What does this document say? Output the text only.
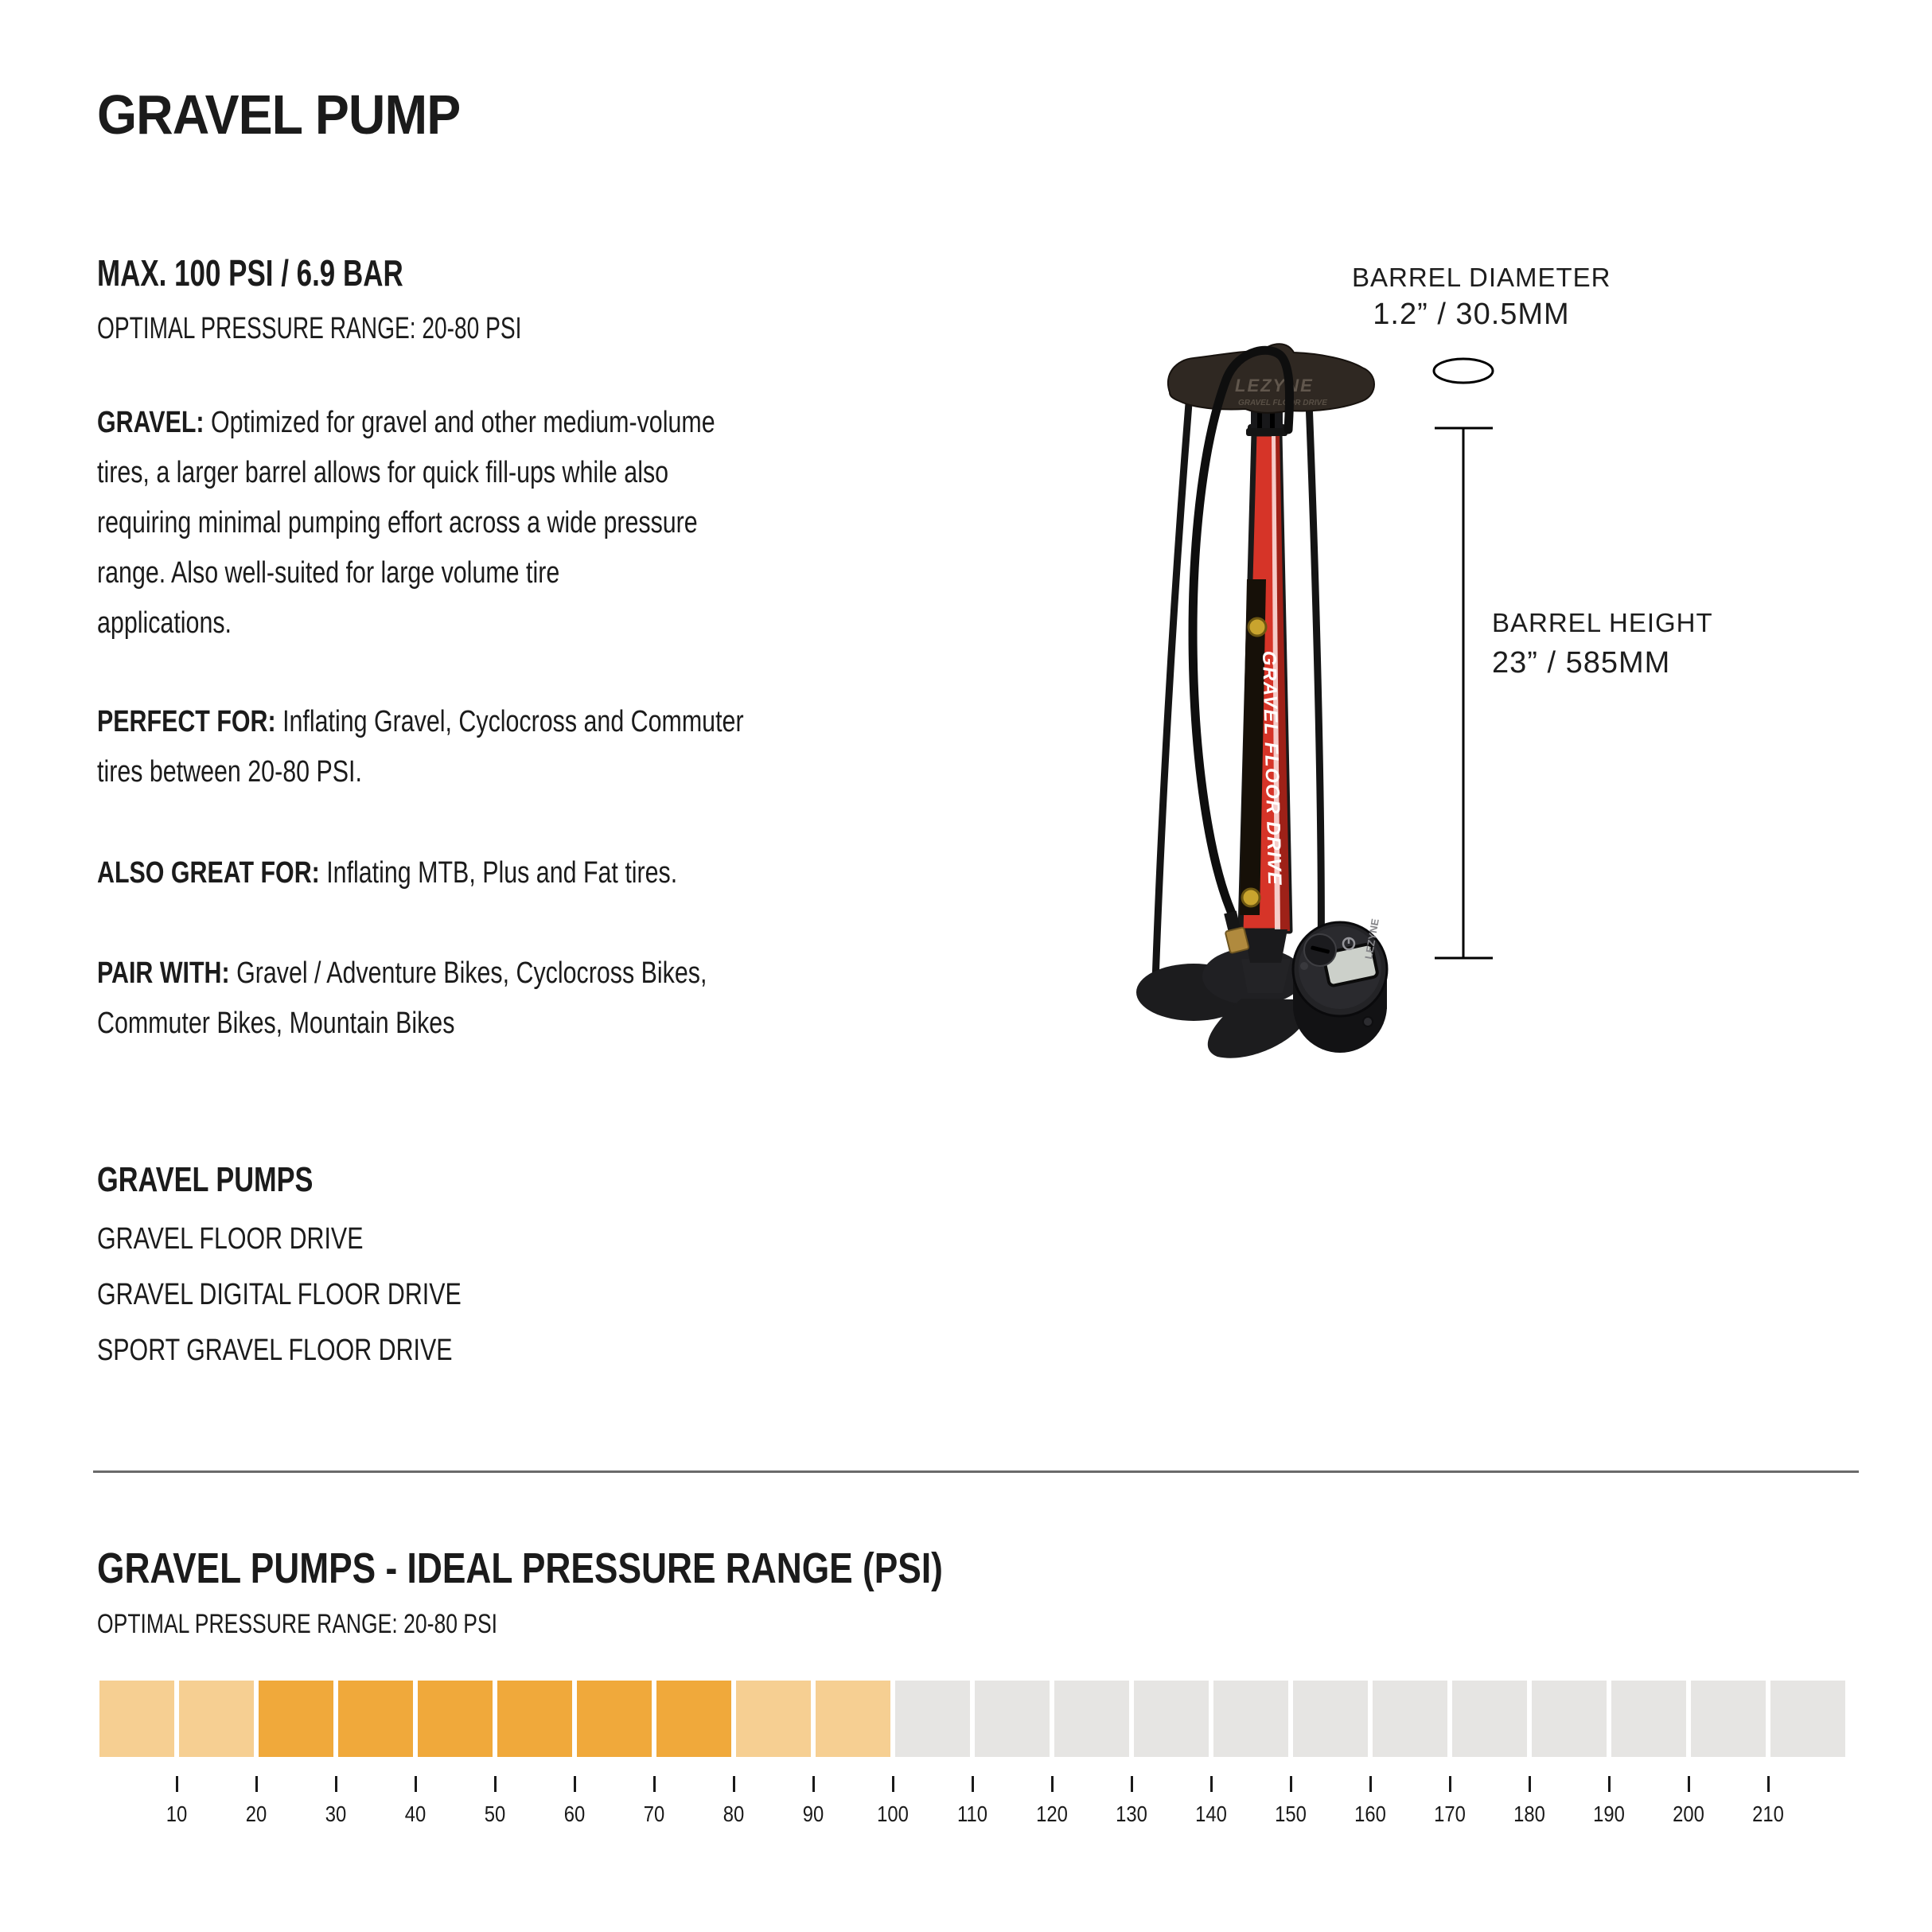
GRAVEL PUMP
MAX. 100 PSI / 6.9 BAR
OPTIMAL PRESSURE RANGE: 20-80 PSI
GRAVEL: Optimized for gravel and other medium-volume
tires, a larger barrel allows for quick fill-ups while also
requiring minimal pumping effort across a wide pressure
range. Also well-suited for large volume tire
applications.
PERFECT FOR: Inflating Gravel, Cyclocross and Commuter
tires between 20-80 PSI.
ALSO GREAT FOR: Inflating MTB, Plus and Fat tires.
PAIR WITH: Gravel / Adventure Bikes, Cyclocross Bikes,
Commuter Bikes, Mountain Bikes
GRAVEL PUMPS
GRAVEL FLOOR DRIVE
GRAVEL DIGITAL FLOOR DRIVE
SPORT GRAVEL FLOOR DRIVE
GRAVEL FLOOR DRIVE
LEZYNE
GRAVEL FLOOR DRIVE
LEZYNE
BARREL DIAMETER
1.2” / 30.5MM
BARREL HEIGHT
23” / 585MM
GRAVEL PUMPS - IDEAL PRESSURE RANGE (PSI)
OPTIMAL PRESSURE RANGE: 20-80 PSI
10	20	30	40	50	60	70	80	90	100	110	120	130	140	150	160	170	180	190	200	210
